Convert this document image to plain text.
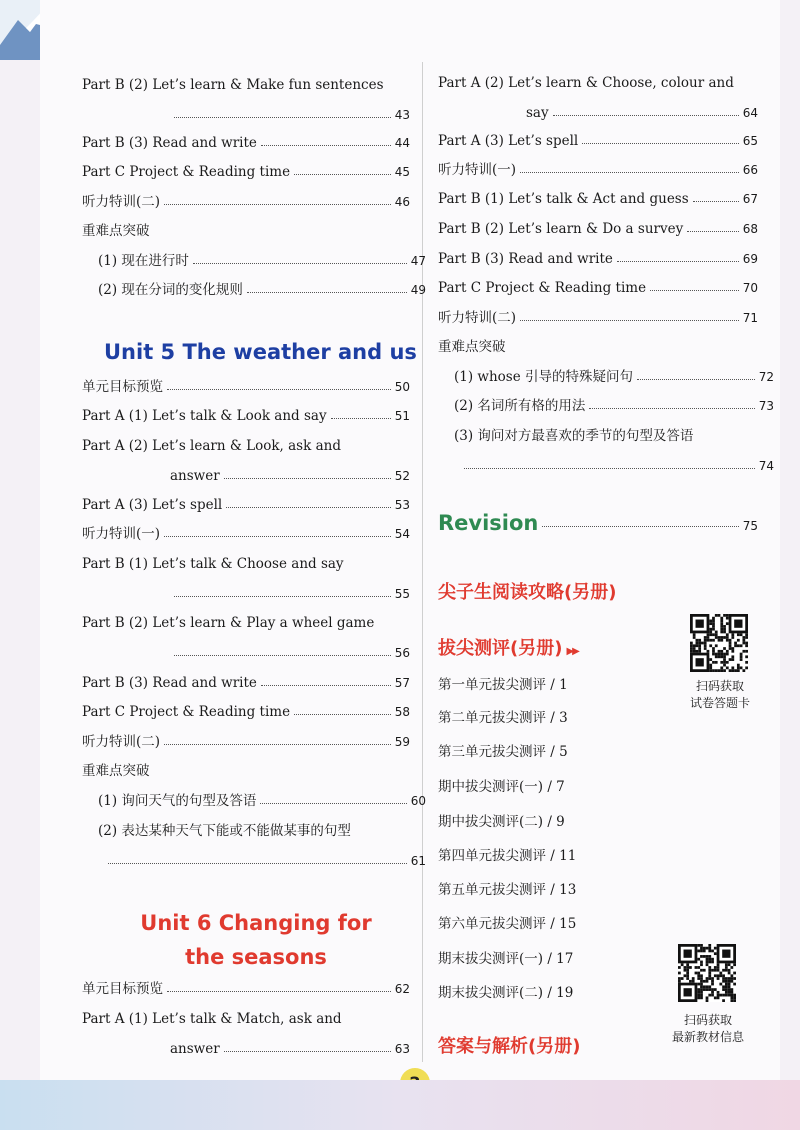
Part B (2) Let’s learn & Make fun sentences
43
Part B (3) Read and write	44
Part C Project & Reading time	45
听力特训(二)	46
重难点突破
(1) 现在进行时	47
(2) 现在分词的变化规则	49
Unit 5 The weather and us
单元目标预览	50
Part A (1) Let’s talk & Look and say	51
Part A (2) Let’s learn & Look, ask and
answer	52
Part A (3) Let’s spell	53
听力特训(一)	54
Part B (1) Let’s talk & Choose and say
55
Part B (2) Let’s learn & Play a wheel game
56
Part B (3) Read and write	57
Part C Project & Reading time	58
听力特训(二)	59
重难点突破
(1) 询问天气的句型及答语	60
(2) 表达某种天气下能或不能做某事的句型
61
Unit 6 Changing for
the seasons
单元目标预览	62
Part A (1) Let’s talk & Match, ask and
answer	63
Part A (2) Let’s learn & Choose, colour and
say	64
Part A (3) Let’s spell	65
听力特训(一)	66
Part B (1) Let’s talk & Act and guess	67
Part B (2) Let’s learn & Do a survey	68
Part B (3) Read and write	69
Part C Project & Reading time	70
听力特训(二)	71
重难点突破
(1) whose 引导的特殊疑问句	72
(2) 名词所有格的用法	73
(3) 询问对方最喜欢的季节的句型及答语
74
Revision	75
尖子生阅读攻略(另册)
拔尖测评(另册) ▶▶
第一单元拔尖测评 / 1
第二单元拔尖测评 / 3
第三单元拔尖测评 / 5
期中拔尖测评(一) / 7
期中拔尖测评(二) / 9
第四单元拔尖测评 / 11
第五单元拔尖测评 / 13
第六单元拔尖测评 / 15
期末拔尖测评(一) / 17
期末拔尖测评(二) / 19
答案与解析(另册)
扫码获取
试卷答题卡
扫码获取
最新教材信息
